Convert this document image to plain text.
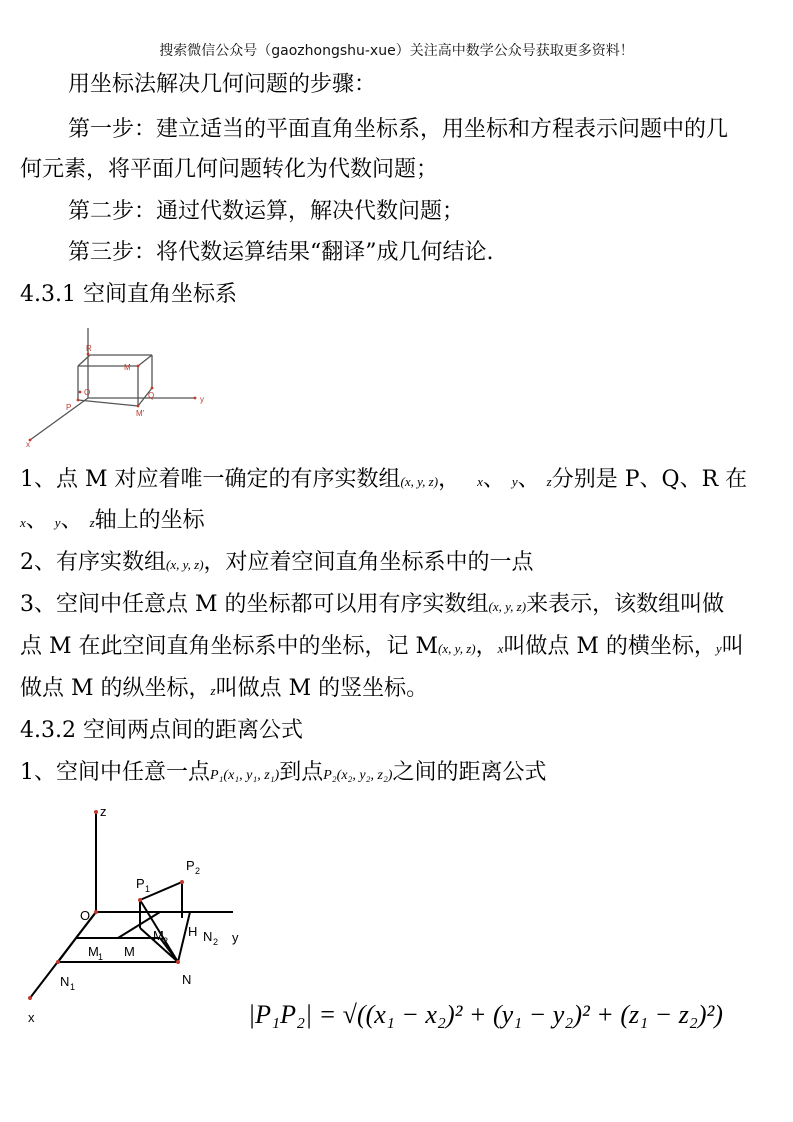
搜索微信公众号（gaozhongshu-xue）关注高中数学公众号获取更多资料！
用坐标法解决几何问题的步骤：
第一步：建立适当的平面直角坐标系，用坐标和方程表示问题中的几
何元素，将平面几何问题转化为代数问题；
第二步：通过代数运算，解决代数问题；
第三步：将代数运算结果“翻译”成几何结论.
4.3.1 空间直角坐标系
R
M
O	Q
P
M'
y
x
1、点 M 对应着唯一确定的有序实数组(x, y, z)， x、 y、 z分别是 P、Q、R 在
x、 y、 z轴上的坐标
2、有序实数组(x, y, z)，对应着空间直角坐标系中的一点
3、空间中任意点 M 的坐标都可以用有序实数组(x, y, z)来表示，该数组叫做
点 M 在此空间直角坐标系中的坐标，记 M(x, y, z)，x叫做点 M 的横坐标，y叫
做点 M 的纵坐标，z叫做点 M 的竖坐标。
4.3.2 空间两点间的距离公式
1、空间中任意一点P₁(x₁, y₁, z₁)到点P₂(x₂, y₂, z₂)之间的距离公式
z
P 2
P 1
O
M 2
H N 2 y
M 1 M
N 1	N
x	|P₁P₂| = √((x₁ − x₂)² + (y₁ − y₂)² + (z₁ − z₂)²)
